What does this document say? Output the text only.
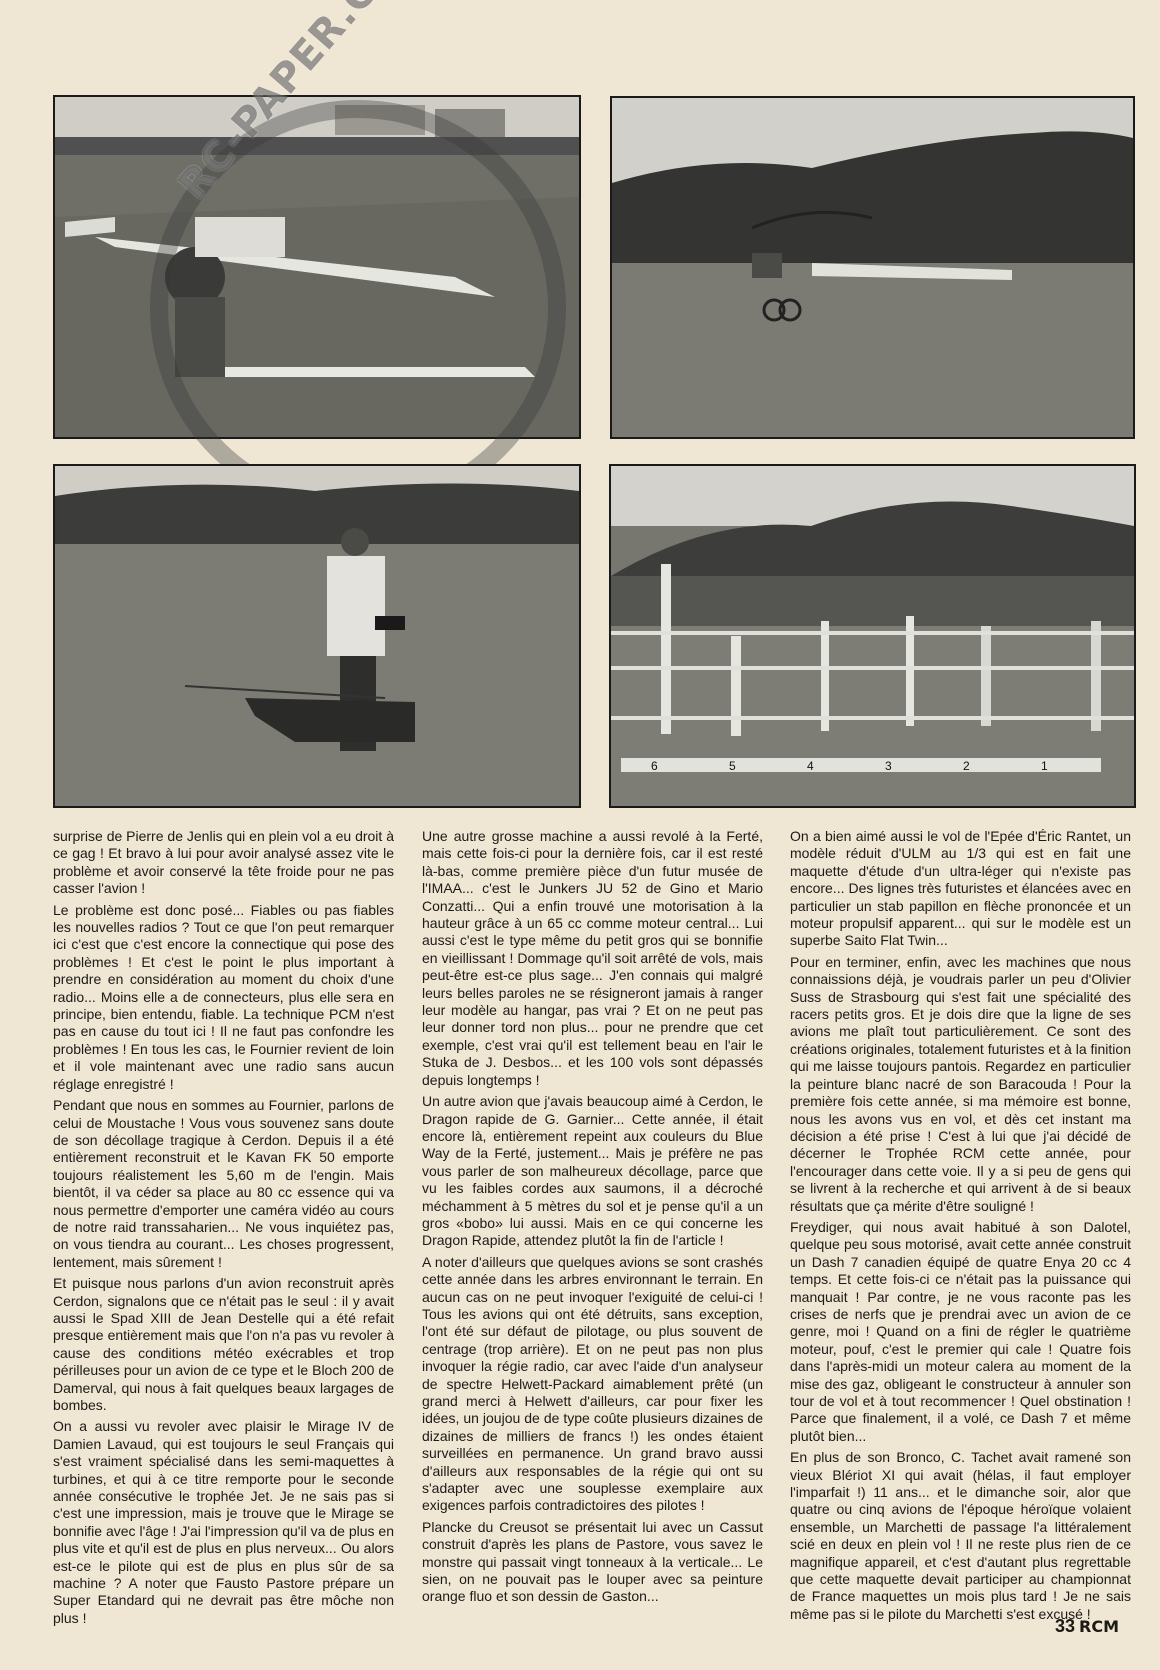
6	5	4	3	2	1

surprise de Pierre de Jenlis qui en plein vol a eu droit à ce gag ! Et bravo à lui pour avoir analysé assez vite le problème et avoir conservé la tête froide pour ne pas casser l'avion !

Le problème est donc posé... Fiables ou pas fiables les nouvelles radios ? Tout ce que l'on peut remarquer ici c'est que c'est encore la connectique qui pose des problèmes ! Et c'est le point le plus important à prendre en considération au moment du choix d'une radio... Moins elle a de connecteurs, plus elle sera en principe, bien entendu, fiable. La technique PCM n'est pas en cause du tout ici ! Il ne faut pas confondre les problèmes ! En tous les cas, le Fournier revient de loin et il vole maintenant avec une radio sans aucun réglage enregistré !

Pendant que nous en sommes au Fournier, parlons de celui de Moustache ! Vous vous souvenez sans doute de son décollage tragique à Cerdon. Depuis il a été entièrement reconstruit et le Kavan FK 50 emporte toujours réalistement les 5,60 m de l'engin. Mais bientôt, il va céder sa place au 80 cc essence qui va nous permettre d'emporter une caméra vidéo au cours de notre raid transsaharien... Ne vous inquiétez pas, on vous tiendra au courant... Les choses progressent, lentement, mais sûrement !

Et puisque nous parlons d'un avion reconstruit après Cerdon, signalons que ce n'était pas le seul : il y avait aussi le Spad XIII de Jean Destelle qui a été refait presque entièrement mais que l'on n'a pas vu revoler à cause des conditions météo exécrables et trop périlleuses pour un avion de ce type et le Bloch 200 de Damerval, qui nous à fait quelques beaux largages de bombes.

On a aussi vu revoler avec plaisir le Mirage IV de Damien Lavaud, qui est toujours le seul Français qui s'est vraiment spécialisé dans les semi-maquettes à turbines, et qui à ce titre remporte pour le seconde année consécutive le trophée Jet. Je ne sais pas si c'est une impression, mais je trouve que le Mirage se bonnifie avec l'âge ! J'ai l'impression qu'il va de plus en plus vite et qu'il est de plus en plus nerveux... Ou alors est-ce le pilote qui est de plus en plus sûr de sa machine ? A noter que Fausto Pastore prépare un Super Etandard qui ne devrait pas être môche non plus !

Une autre grosse machine a aussi revolé à la Ferté, mais cette fois-ci pour la dernière fois, car il est resté là-bas, comme première pièce d'un futur musée de l'IMAA... c'est le Junkers JU 52 de Gino et Mario Conzatti... Qui a enfin trouvé une motorisation à la hauteur grâce à un 65 cc comme moteur central... Lui aussi c'est le type même du petit gros qui se bonnifie en vieillissant ! Dommage qu'il soit arrêté de vols, mais peut-être est-ce plus sage... J'en connais qui malgré leurs belles paroles ne se résigneront jamais à ranger leur modèle au hangar, pas vrai ? Et on ne peut pas leur donner tord non plus... pour ne prendre que cet exemple, c'est vrai qu'il est tellement beau en l'air le Stuka de J. Desbos... et les 100 vols sont dépassés depuis longtemps !

Un autre avion que j'avais beaucoup aimé à Cerdon, le Dragon rapide de G. Garnier... Cette année, il était encore là, entièrement repeint aux couleurs du Blue Way de la Ferté, justement... Mais je préfère ne pas vous parler de son malheureux décollage, parce que vu les faibles cordes aux saumons, il a décroché méchamment à 5 mètres du sol et je pense qu'il a un gros «bobo» lui aussi. Mais en ce qui concerne les Dragon Rapide, attendez plutôt la fin de l'article !

A noter d'ailleurs que quelques avions se sont crashés cette année dans les arbres environnant le terrain. En aucun cas on ne peut invoquer l'exiguité de celui-ci ! Tous les avions qui ont été détruits, sans exception, l'ont été sur défaut de pilotage, ou plus souvent de centrage (trop arrière). Et on ne peut pas non plus invoquer la régie radio, car avec l'aide d'un analyseur de spectre Helwett-Packard aimablement prêté (un grand merci à Helwett d'ailleurs, car pour fixer les idées, un joujou de de type coûte plusieurs dizaines de dizaines de milliers de francs !) les ondes étaient surveillées en permanence. Un grand bravo aussi d'ailleurs aux responsables de la régie qui ont su s'adapter avec une souplesse exemplaire aux exigences parfois contradictoires des pilotes !

Plancke du Creusot se présentait lui avec un Cassut construit d'après les plans de Pastore, vous savez le monstre qui passait vingt tonneaux à la verticale... Le sien, on ne pouvait pas le louper avec sa peinture orange fluo et son dessin de Gaston...

On a bien aimé aussi le vol de l'Epée d'Éric Rantet, un modèle réduit d'ULM au 1/3 qui est en fait une maquette d'étude d'un ultra-léger qui n'existe pas encore... Des lignes très futuristes et élancées avec en particulier un stab papillon en flèche prononcée et un moteur propulsif apparent... qui sur le modèle est un superbe Saito Flat Twin...

Pour en terminer, enfin, avec les machines que nous connaissions déjà, je voudrais parler un peu d'Olivier Suss de Strasbourg qui s'est fait une spécialité des racers petits gros. Et je dois dire que la ligne de ses avions me plaît tout particulièrement. Ce sont des créations originales, totalement futuristes et à la finition qui me laisse toujours pantois. Regardez en particulier la peinture blanc nacré de son Baracouda ! Pour la première fois cette année, si ma mémoire est bonne, nous les avons vus en vol, et dès cet instant ma décision a été prise ! C'est à lui que j'ai décidé de décerner le Trophée RCM cette année, pour l'encourager dans cette voie. Il y a si peu de gens qui se livrent à la recherche et qui arrivent à de si beaux résultats que ça mérite d'être souligné !

Freydiger, qui nous avait habitué à son Dalotel, quelque peu sous motorisé, avait cette année construit un Dash 7 canadien équipé de quatre Enya 20 cc 4 temps. Et cette fois-ci ce n'était pas la puissance qui manquait ! Par contre, je ne vous raconte pas les crises de nerfs que je prendrai avec un avion de ce genre, moi ! Quand on a fini de régler le quatrième moteur, pouf, c'est le premier qui cale ! Quatre fois dans l'après-midi un moteur calera au moment de la mise des gaz, obligeant le constructeur à annuler son tour de vol et à tout recommencer ! Quel obstination ! Parce que finalement, il a volé, ce Dash 7 et même plutôt bien...

En plus de son Bronco, C. Tachet avait ramené son vieux Blériot XI qui avait (hélas, il faut employer l'imparfait !) 11 ans... et le dimanche soir, alor que quatre ou cinq avions de l'époque héroïque volaient ensemble, un Marchetti de passage l'a littéralement scié en deux en plein vol ! Il ne reste plus rien de ce magnifique appareil, et c'est d'autant plus regrettable que cette maquette devait participer au championnat de France maquettes un mois plus tard ! Je ne sais même pas si le pilote du Marchetti s'est excusé !

33 RCM
